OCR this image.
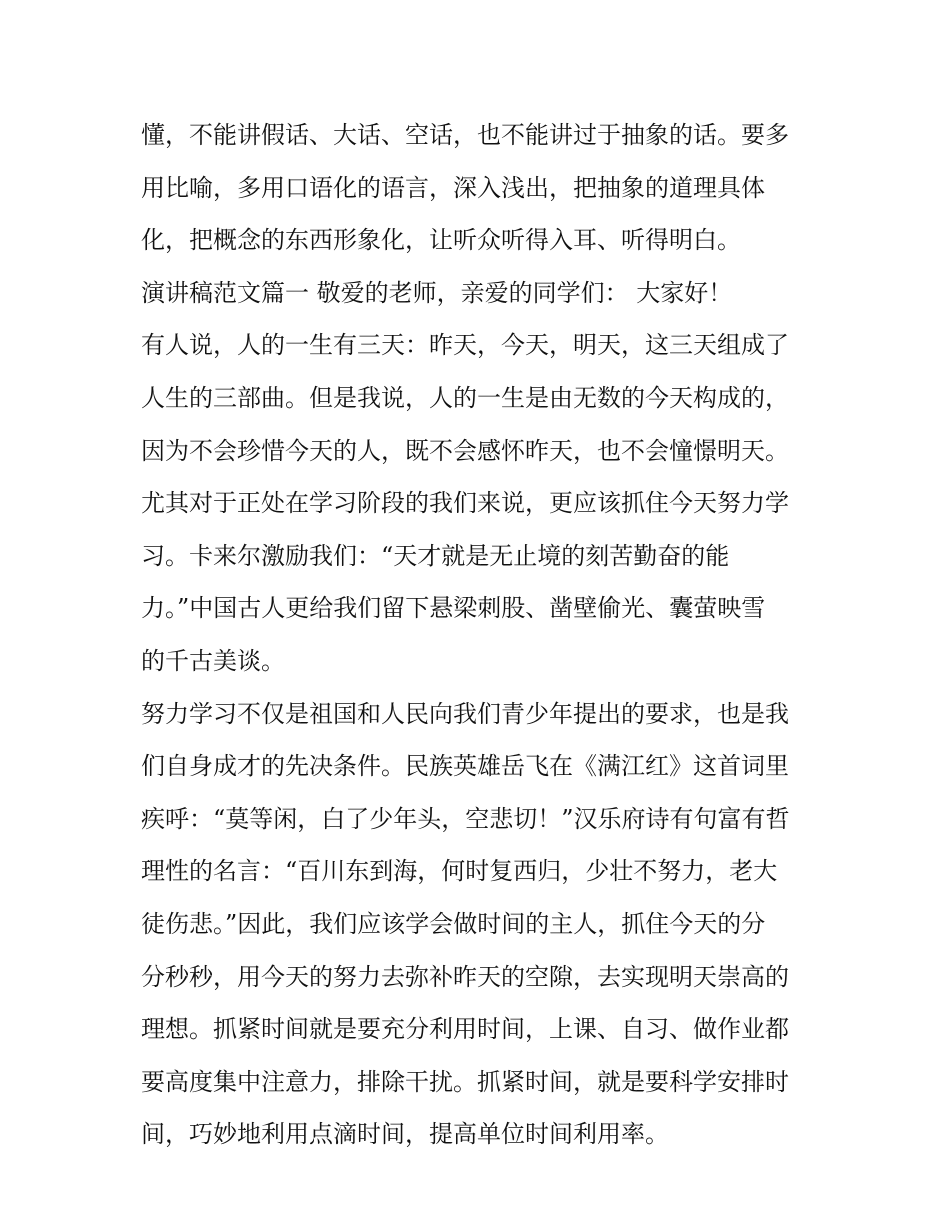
懂，不能讲假话、大话、空话，也不能讲过于抽象的话。要多
用比喻，多用口语化的语言，深入浅出，把抽象的道理具体
化，把概念的东西形象化，让听众听得入耳、听得明白。
演讲稿范文篇一 敬爱的老师，亲爱的同学们： 大家好！
有人说，人的一生有三天：昨天，今天，明天，这三天组成了
人生的三部曲。但是我说，人的一生是由无数的今天构成的，
因为不会珍惜今天的人，既不会感怀昨天，也不会憧憬明天。
尤其对于正处在学习阶段的我们来说，更应该抓住今天努力学
习。卡来尔激励我们：“天才就是无止境的刻苦勤奋的能
力。”中国古人更给我们留下悬梁刺股、凿壁偷光、囊萤映雪
的千古美谈。
努力学习不仅是祖国和人民向我们青少年提出的要求，也是我
们自身成才的先决条件。民族英雄岳飞在《满江红》这首词里
疾呼：“莫等闲，白了少年头，空悲切！”汉乐府诗有句富有哲
理性的名言：“百川东到海，何时复西归，少壮不努力，老大
徒伤悲。”因此，我们应该学会做时间的主人，抓住今天的分
分秒秒，用今天的努力去弥补昨天的空隙，去实现明天崇高的
理想。抓紧时间就是要充分利用时间，上课、自习、做作业都
要高度集中注意力，排除干扰。抓紧时间，就是要科学安排时
间，巧妙地利用点滴时间，提高单位时间利用率。
